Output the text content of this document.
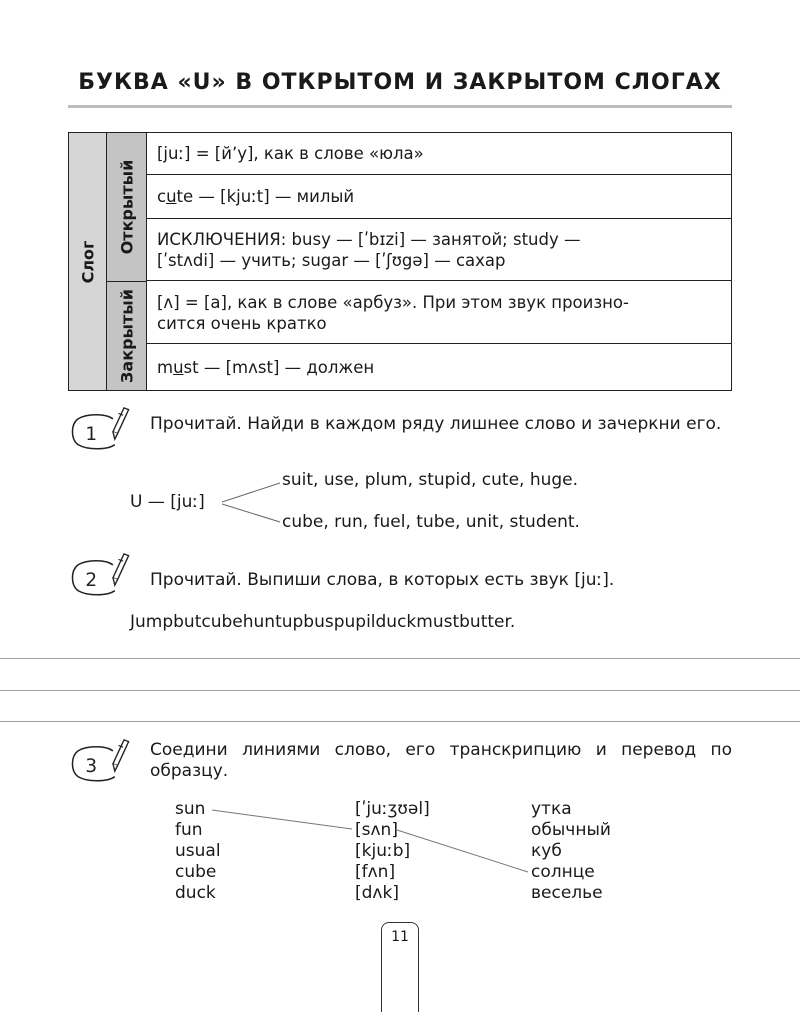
БУКВА «U» В ОТКРЫТОМ И ЗАКРЫТОМ СЛОГАХ
Слог
Открытый
Закрытый
[juː] = [йʼу], как в слове «юла»
cute — [kjuːt] — милый
ИСКЛЮЧЕНИЯ: busy — [ʹbɪzi] — занятой; study —
[ʹstʌdi] — учить; sugar — [ʹʃʊgə] — сахар
[ʌ] = [а], как в слове «арбуз». При этом звук произно-
сится очень кратко
must — [mʌst] — должен
1
Прочитай. Найди в каждом ряду лишнее слово и зачеркни его.
U — [juː]
suit, use, plum, stupid, cute, huge.
cube, run, fuel, tube, unit, student.
2	Прочитай. Выпиши слова, в которых есть звук [juː].
Jumpbutcubehuntupbuspupilduckmustbutter.
3
Соедини линиями слово, его транскрипцию и перевод по образцу.
sun
fun
usual
cube
duck
[ʹjuːʒʊəl]
[sʌn]
[kjuːb]
[fʌn]
[dʌk]
утка
обычный
куб
солнце
веселье
11
